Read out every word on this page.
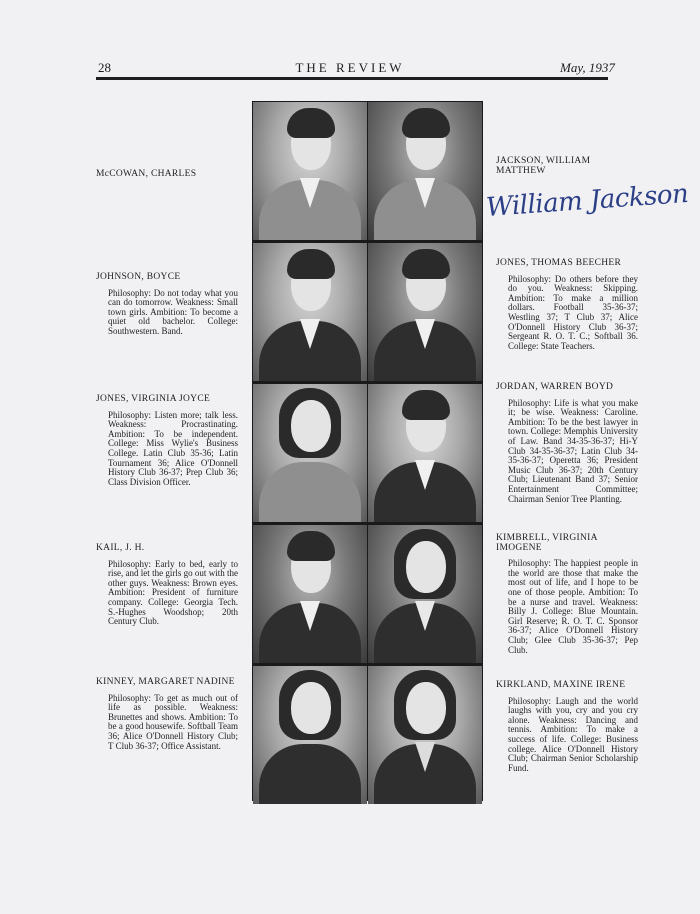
28	THE REVIEW	May, 1937
William Jackson
McCOWAN, CHARLES
JACKSON, WILLIAM MATTHEW
JOHNSON, BOYCE
Philosophy: Do not today what you can do tomorrow. Weakness: Small town girls. Ambition: To become a quiet old bachelor. College: Southwestern. Band.
JONES, THOMAS BEECHER
Philosophy: Do others before they do you. Weakness: Skipping. Ambition: To make a million dollars. Football 35-36-37; Westling 37; T Club 37; Alice O'Donnell History Club 36-37; Sergeant R. O. T. C.; Softball 36. College: State Teachers.
JONES, VIRGINIA JOYCE
Philosophy: Listen more; talk less. Weakness: Procrastinating. Ambition: To be independent. College: Miss Wylie's Business College. Latin Club 35-36; Latin Tournament 36; Alice O'Donnell History Club 36-37; Prep Club 36; Class Division Officer.
JORDAN, WARREN BOYD
Philosophy: Life is what you make it; be wise. Weakness: Caroline. Ambition: To be the best lawyer in town. College: Memphis University of Law. Band 34-35-36-37; Hi-Y Club 34-35-36-37; Latin Club 34-35-36-37; Operetta 36; President Music Club 36-37; 20th Century Club; Lieutenant Band 37; Senior Entertainment Committee; Chairman Senior Tree Planting.
KAIL, J. H.
Philosophy: Early to bed, early to rise, and let the girls go out with the other guys. Weakness: Brown eyes. Ambition: President of furniture company. College: Georgia Tech. S.-Hughes Woodshop; 20th Century Club.
KIMBRELL, VIRGINIA IMOGENE
Philosophy: The happiest people in the world are those that make the most out of life, and I hope to be one of those people. Ambition: To be a nurse and travel. Weakness: Billy J. College: Blue Mountain. Girl Reserve; R. O. T. C. Sponsor 36-37; Alice O'Donnell History Club; Glee Club 35-36-37; Pep Club.
KINNEY, MARGARET NADINE
Philosophy: To get as much out of life as possible. Weakness: Brunettes and shows. Ambition: To be a good housewife. Softball Team 36; Alice O'Donnell History Club; T Club 36-37; Office Assistant.
KIRKLAND, MAXINE IRENE
Philosophy: Laugh and the world laughs with you, cry and you cry alone. Weakness: Dancing and tennis. Ambition: To make a success of life. College: Business college. Alice O'Donnell History Club; Chairman Senior Scholarship Fund.
